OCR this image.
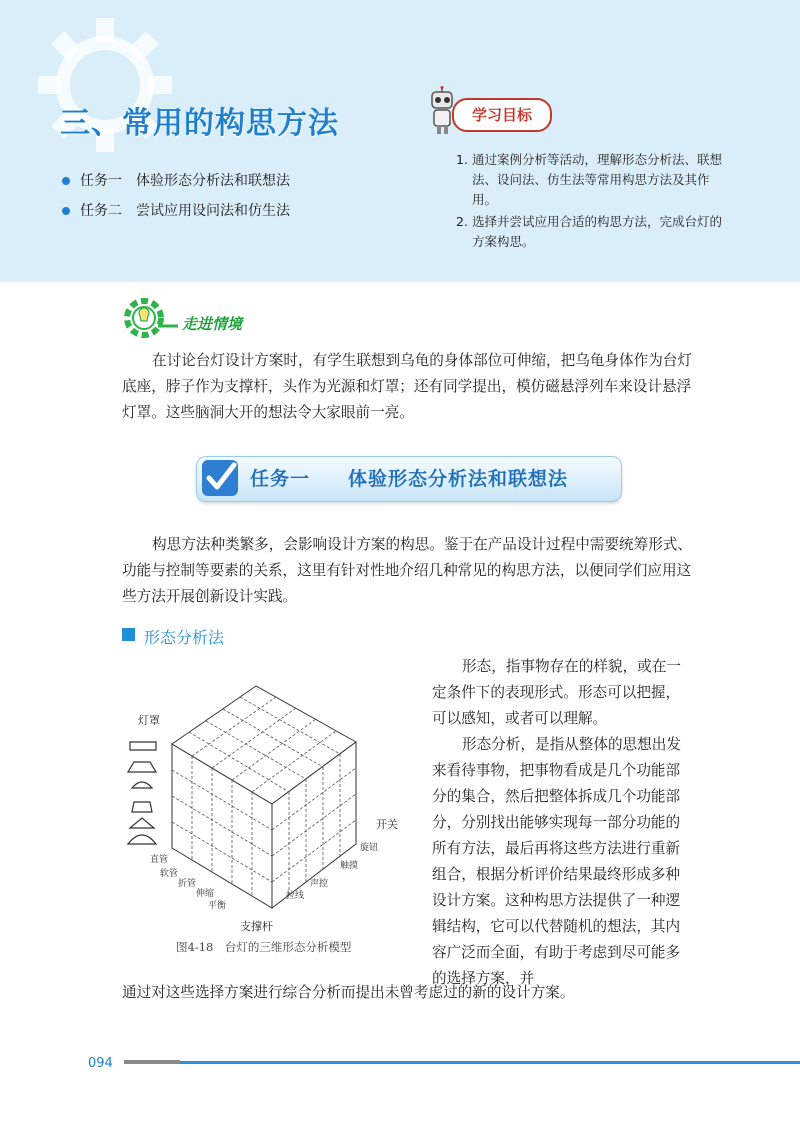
三、常用的构思方法
任务一　体验形态分析法和联想法
任务二　尝试应用设问法和仿生法
学习目标
1. 通过案例分析等活动，理解形态分析法、联想法、设问法、仿生法等常用构思方法及其作用。
2. 选择并尝试应用合适的构思方法，完成台灯的方案构思。
走进情境
在讨论台灯设计方案时，有学生联想到乌龟的身体部位可伸缩，把乌龟身体作为台灯底座，脖子作为支撑杆，头作为光源和灯罩；还有同学提出，模仿磁悬浮列车来设计悬浮灯罩。这些脑洞大开的想法令大家眼前一亮。
任务一 体验形态分析法和联想法
构思方法种类繁多，会影响设计方案的构思。鉴于在产品设计过程中需要统筹形式、功能与控制等要素的关系，这里有针对性地介绍几种常见的构思方法，以便同学们应用这些方法开展创新设计实践。
形态分析法
形态，指事物存在的样貌，或在一定条件下的表现形式。形态可以把握，可以感知，或者可以理解。
形态分析，是指从整体的思想出发来看待事物，把事物看成是几个功能部分的集合，然后把整体拆成几个功能部分，分别找出能够实现每一部分功能的所有方法，最后再将这些方法进行重新组合，根据分析评价结果最终形成多种设计方案。这种构思方法提供了一种逻辑结构，它可以代替随机的想法，其内容广泛而全面，有助于考虑到尽可能多的选择方案，并
通过对这些选择方案进行综合分析而提出未曾考虑过的新的设计方案。
灯罩
开关
支撑杆
直管
软管
折管
伸缩
平衡
拉线
声控
触摸
旋钮
图4-18　台灯的三维形态分析模型
094
